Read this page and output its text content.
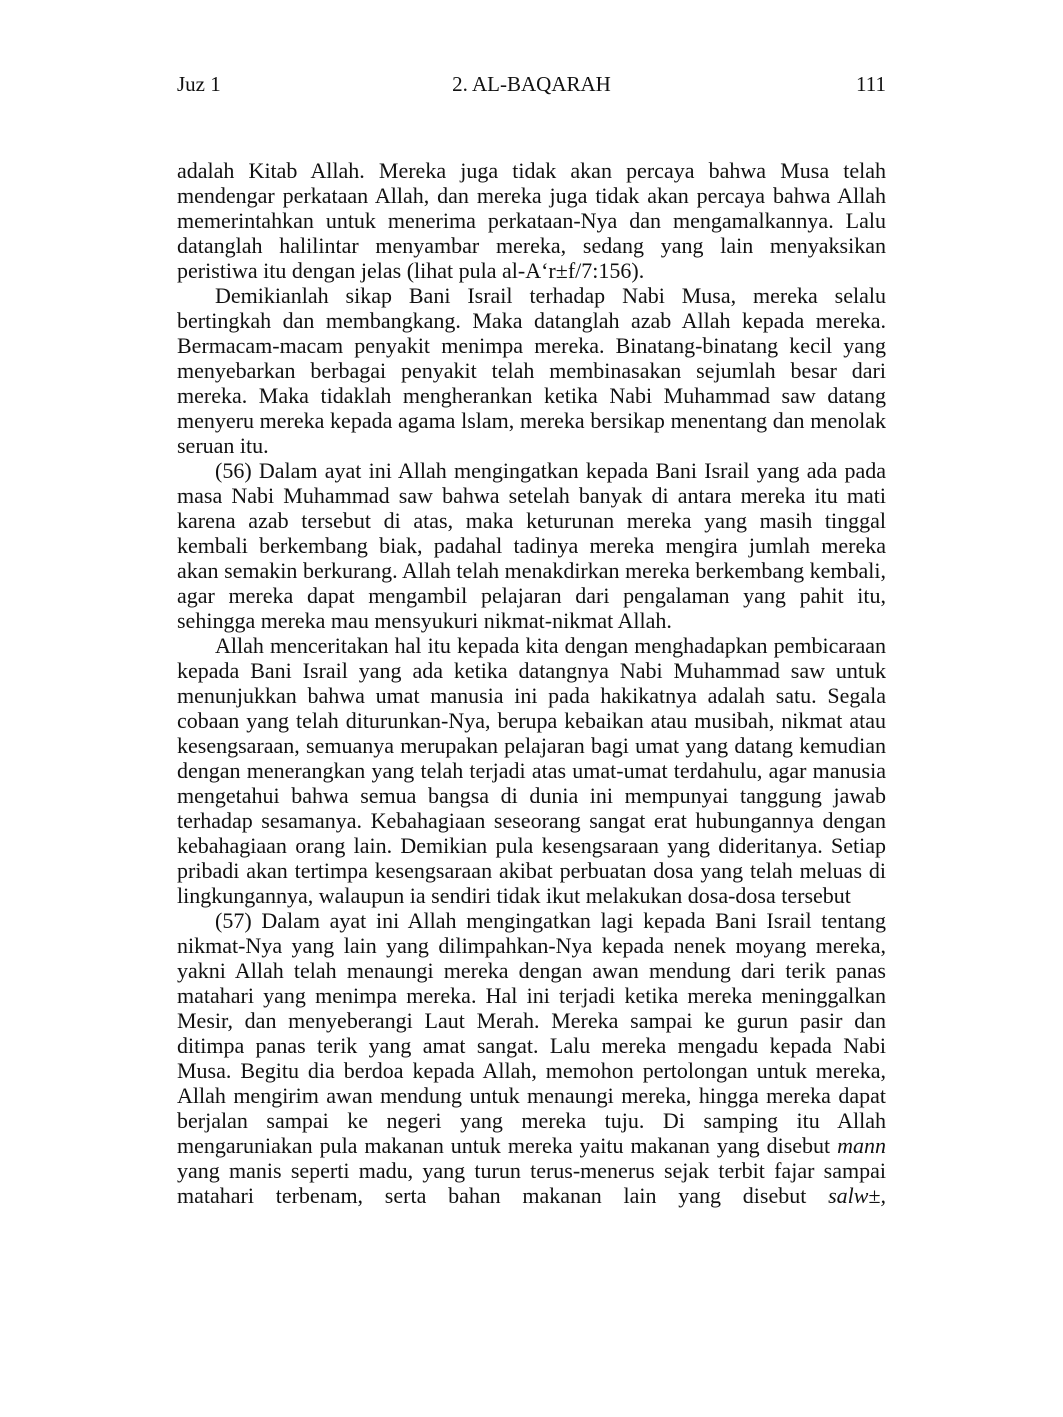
Juz 1	2. AL-BAQARAH	111

adalah Kitab Allah. Mereka juga tidak akan percaya bahwa Musa telah mendengar perkataan Allah, dan mereka juga tidak akan percaya bahwa Allah memerintahkan untuk menerima perkataan-Nya dan mengamalkannya. Lalu datanglah halilintar menyambar mereka, sedang yang lain menyaksikan peristiwa itu dengan jelas (lihat pula al-A‘r±f/7:156).

Demikianlah sikap Bani Israil terhadap Nabi Musa, mereka selalu bertingkah dan membangkang. Maka datanglah azab Allah kepada mereka. Bermacam-macam penyakit menimpa mereka. Binatang-binatang kecil yang menyebarkan berbagai penyakit telah membinasakan sejumlah besar dari mereka. Maka tidaklah mengherankan ketika Nabi Muhammad saw datang menyeru mereka kepada agama lslam, mereka bersikap menentang dan menolak seruan itu.

(56) Dalam ayat ini Allah mengingatkan kepada Bani Israil yang ada pada masa Nabi Muhammad saw bahwa setelah banyak di antara mereka itu mati karena azab tersebut di atas, maka keturunan mereka yang masih tinggal kembali berkembang biak, padahal tadinya mereka mengira jumlah mereka akan semakin berkurang. Allah telah menakdirkan mereka berkembang kembali, agar mereka dapat mengambil pelajaran dari pengalaman yang pahit itu, sehingga mereka mau mensyukuri nikmat-nikmat Allah.

Allah menceritakan hal itu kepada kita dengan menghadapkan pembicaraan kepada Bani Israil yang ada ketika datangnya Nabi Muhammad saw untuk menunjukkan bahwa umat manusia ini pada hakikatnya adalah satu. Segala cobaan yang telah diturunkan-Nya, berupa kebaikan atau musibah, nikmat atau kesengsaraan, semuanya merupakan pelajaran bagi umat yang datang kemudian dengan menerangkan yang telah terjadi atas umat-umat terdahulu, agar manusia mengetahui bahwa semua bangsa di dunia ini mempunyai tanggung jawab terhadap sesamanya. Kebahagiaan seseorang sangat erat hubungannya dengan kebahagiaan orang lain. Demikian pula kesengsaraan yang dideritanya. Setiap pribadi akan tertimpa kesengsaraan akibat perbuatan dosa yang telah meluas di lingkungannya, walaupun ia sendiri tidak ikut melakukan dosa-dosa tersebut

(57) Dalam ayat ini Allah mengingatkan lagi kepada Bani Israil tentang nikmat-Nya yang lain yang dilimpahkan-Nya kepada nenek moyang mereka, yakni Allah telah menaungi mereka dengan awan mendung dari terik panas matahari yang menimpa mereka. Hal ini terjadi ketika mereka meninggalkan Mesir, dan menyeberangi Laut Merah. Mereka sampai ke gurun pasir dan ditimpa panas terik yang amat sangat. Lalu mereka mengadu kepada Nabi Musa. Begitu dia berdoa kepada Allah, memohon pertolongan untuk mereka, Allah mengirim awan mendung untuk menaungi mereka, hingga mereka dapat berjalan sampai ke negeri yang mereka tuju. Di samping itu Allah mengaruniakan pula makanan untuk mereka yaitu makanan yang disebut mann yang manis seperti madu, yang turun terus-menerus sejak terbit fajar sampai matahari terbenam, serta bahan makanan lain yang disebut salw±,
